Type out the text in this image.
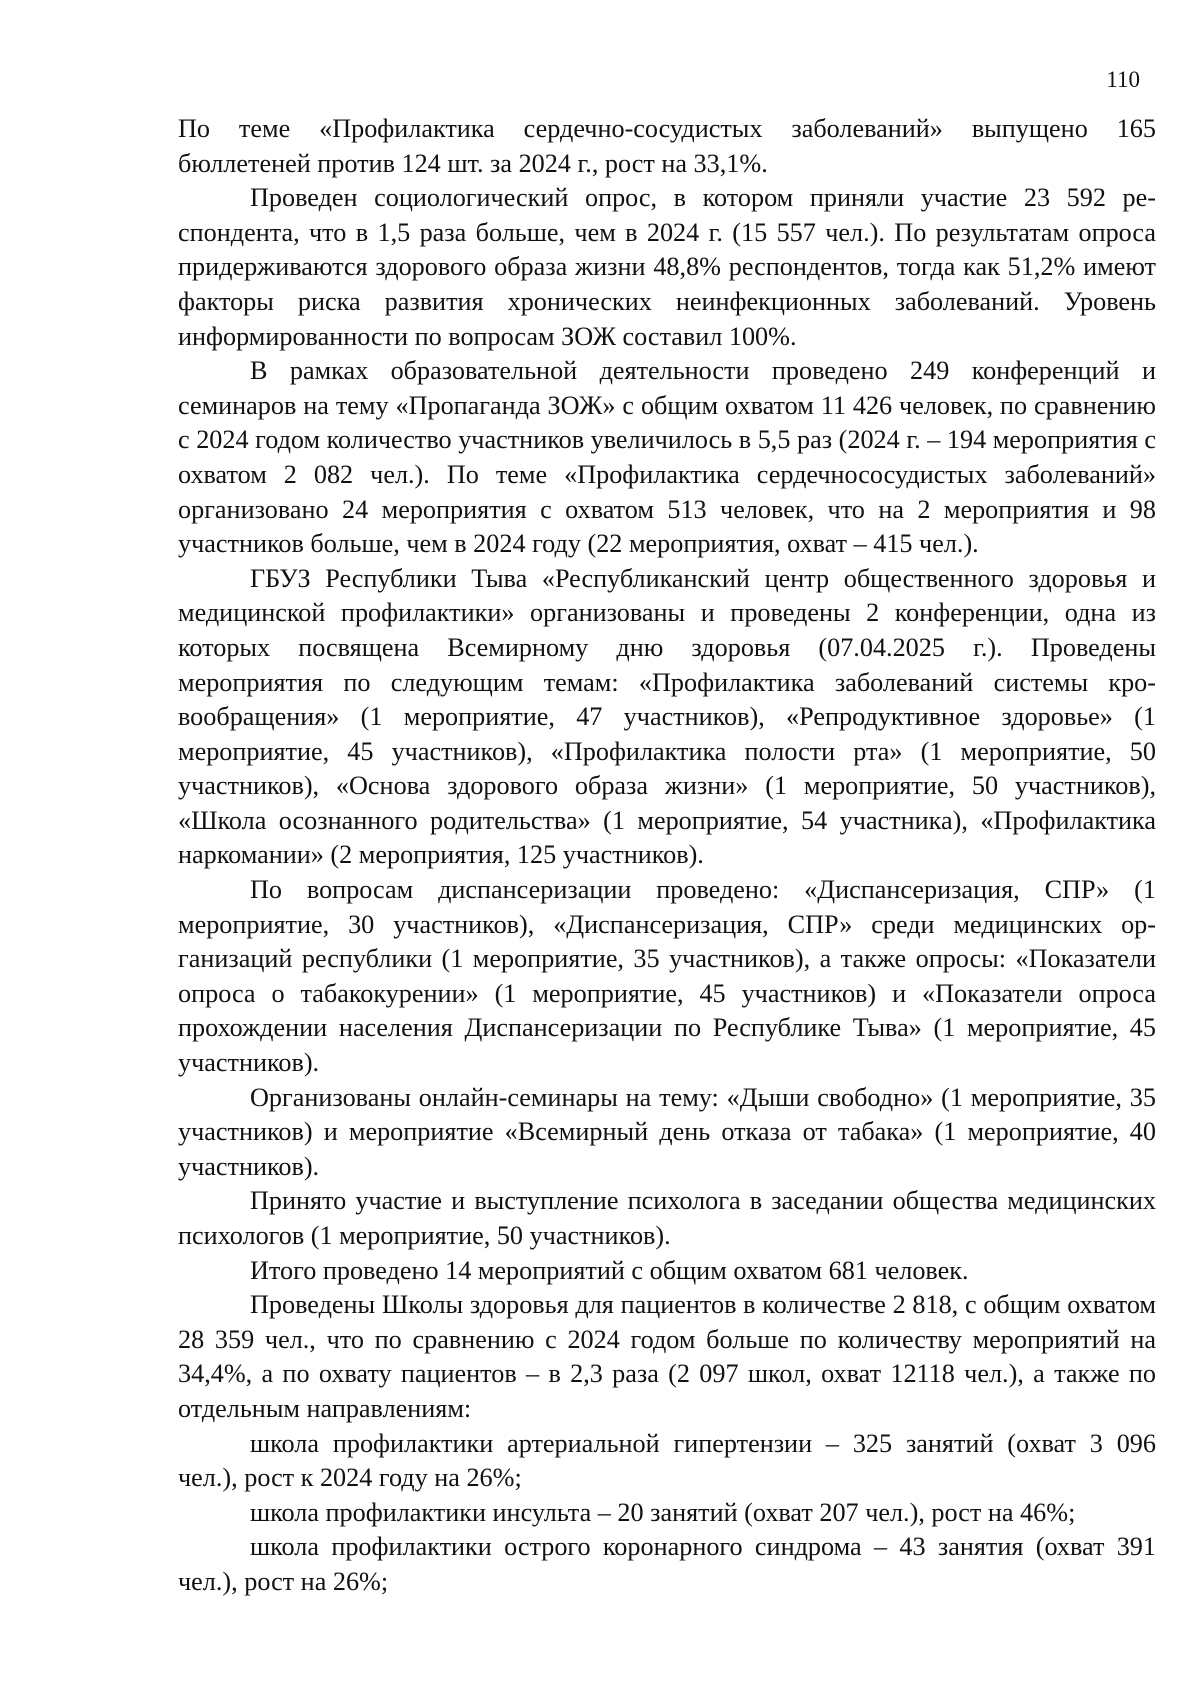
110

По теме «Профилактика сердечно-сосудистых заболеваний» выпущено 165 бюллетеней против 124 шт. за 2024 г., рост на 33,1%.

Проведен социологический опрос, в котором приняли участие 23 592 респондента, что в 1,5 раза больше, чем в 2024 г. (15 557 чел.). По результатам опроса придерживаются здорового образа жизни 48,8% респондентов, тогда как 51,2% имеют факторы риска развития хронических неинфекционных заболеваний. Уровень информированности по вопросам ЗОЖ составил 100%.

В рамках образовательной деятельности проведено 249 конференций и семинаров на тему «Пропаганда ЗОЖ» с общим охватом 11 426 человек, по сравнению с 2024 годом количество участников увеличилось в 5,5 раз (2024 г. – 194 мероприятия с охватом 2 082 чел.). По теме «Профилактика сердечнососудистых заболеваний» организовано 24 мероприятия с охватом 513 человек, что на 2 мероприятия и 98 участников больше, чем в 2024 году (22 мероприятия, охват – 415 чел.).

ГБУЗ Республики Тыва «Республиканский центр общественного здоровья и медицинской профилактики» организованы и проведены 2 конференции, одна из которых посвящена Всемирному дню здоровья (07.04.2025 г.). Проведены мероприятия по следующим темам: «Профилактика заболеваний системы кровообращения» (1 мероприятие, 47 участников), «Репродуктивное здоровье» (1 мероприятие, 45 участников), «Профилактика полости рта» (1 мероприятие, 50 участников), «Основа здорового образа жизни» (1 мероприятие, 50 участников), «Школа осознанного родительства» (1 мероприятие, 54 участника), «Профилактика наркомании» (2 мероприятия, 125 участников).

По вопросам диспансеризации проведено: «Диспансеризация, СПР» (1 мероприятие, 30 участников), «Диспансеризация, СПР» среди медицинских организаций республики (1 мероприятие, 35 участников), а также опросы: «Показатели опроса о табакокурении» (1 мероприятие, 45 участников) и «Показатели опроса прохождении населения Диспансеризации по Республике Тыва» (1 мероприятие, 45 участников).

Организованы онлайн-семинары на тему: «Дыши свободно» (1 мероприятие, 35 участников) и мероприятие «Всемирный день отказа от табака» (1 мероприятие, 40 участников).

Принято участие и выступление психолога в заседании общества медицинских психологов (1 мероприятие, 50 участников).

Итого проведено 14 мероприятий с общим охватом 681 человек.

Проведены Школы здоровья для пациентов в количестве 2 818, с общим охватом 28 359 чел., что по сравнению с 2024 годом больше по количеству мероприятий на 34,4%, а по охвату пациентов – в 2,3 раза (2 097 школ, охват 12118 чел.), а также по отдельным направлениям:

школа профилактики артериальной гипертензии – 325 занятий (охват 3 096 чел.), рост к 2024 году на 26%;

школа профилактики инсульта – 20 занятий (охват 207 чел.), рост на 46%;

школа профилактики острого коронарного синдрома – 43 занятия (охват 391 чел.), рост на 26%;
